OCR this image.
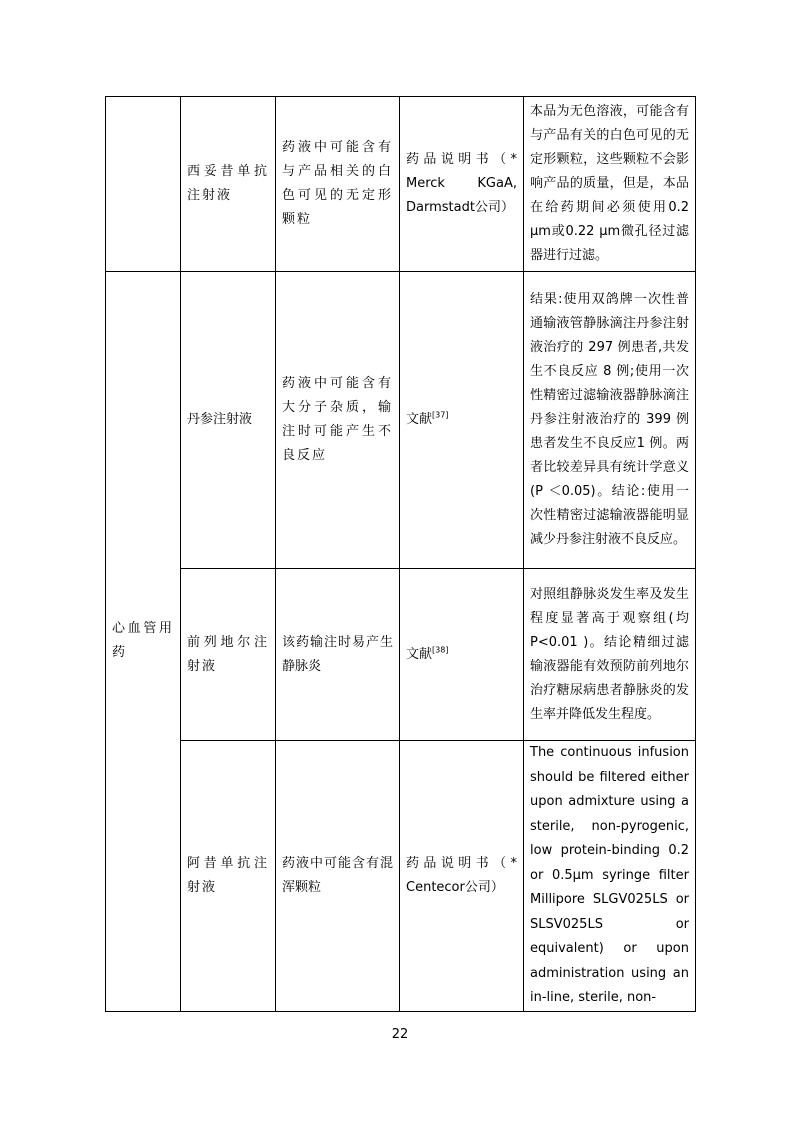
	西妥昔单抗注射液	药液中可能含有与产品相关的白色可见的无定形颗粒	药品说明书（* Merck KGaA, Darmstadt公司）	本品为无色溶液，可能含有与产品有关的白色可见的无定形颗粒，这些颗粒不会影响产品的质量，但是，本品在给药期间必须使用0.2 μm或0.22 μm微孔径过滤器进行过滤。

心血管用药	丹参注射液	药液中可能含有大分子杂质，输注时可能产生不良反应	文献[37]	结果:使用双鸽牌一次性普通输液管静脉滴注丹参注射液治疗的 297 例患者,共发生不良反应 8 例;使用一次性精密过滤输液器静脉滴注丹参注射液治疗的 399 例患者发生不良反应1 例。两者比较差异具有统计学意义(P ＜0.05)。结论:使用一次性精密过滤输液器能明显减少丹参注射液不良反应。

	前列地尔注射液	该药输注时易产生静脉炎	文献[38]	对照组静脉炎发生率及发生程度显著高于观察组(均 P<0.01 )。结论精细过滤输液器能有效预防前列地尔治疗糖尿病患者静脉炎的发生率并降低发生程度。

	阿昔单抗注射液	药液中可能含有混浑颗粒	药品说明书（* Centecor公司）	The continuous infusion should be filtered either upon admixture using a sterile, non-pyrogenic, low protein-binding 0.2 or 0.5μm syringe filter Millipore SLGV025LS or SLSV025LS or equivalent) or upon administration using an in-line, sterile, non-
22
